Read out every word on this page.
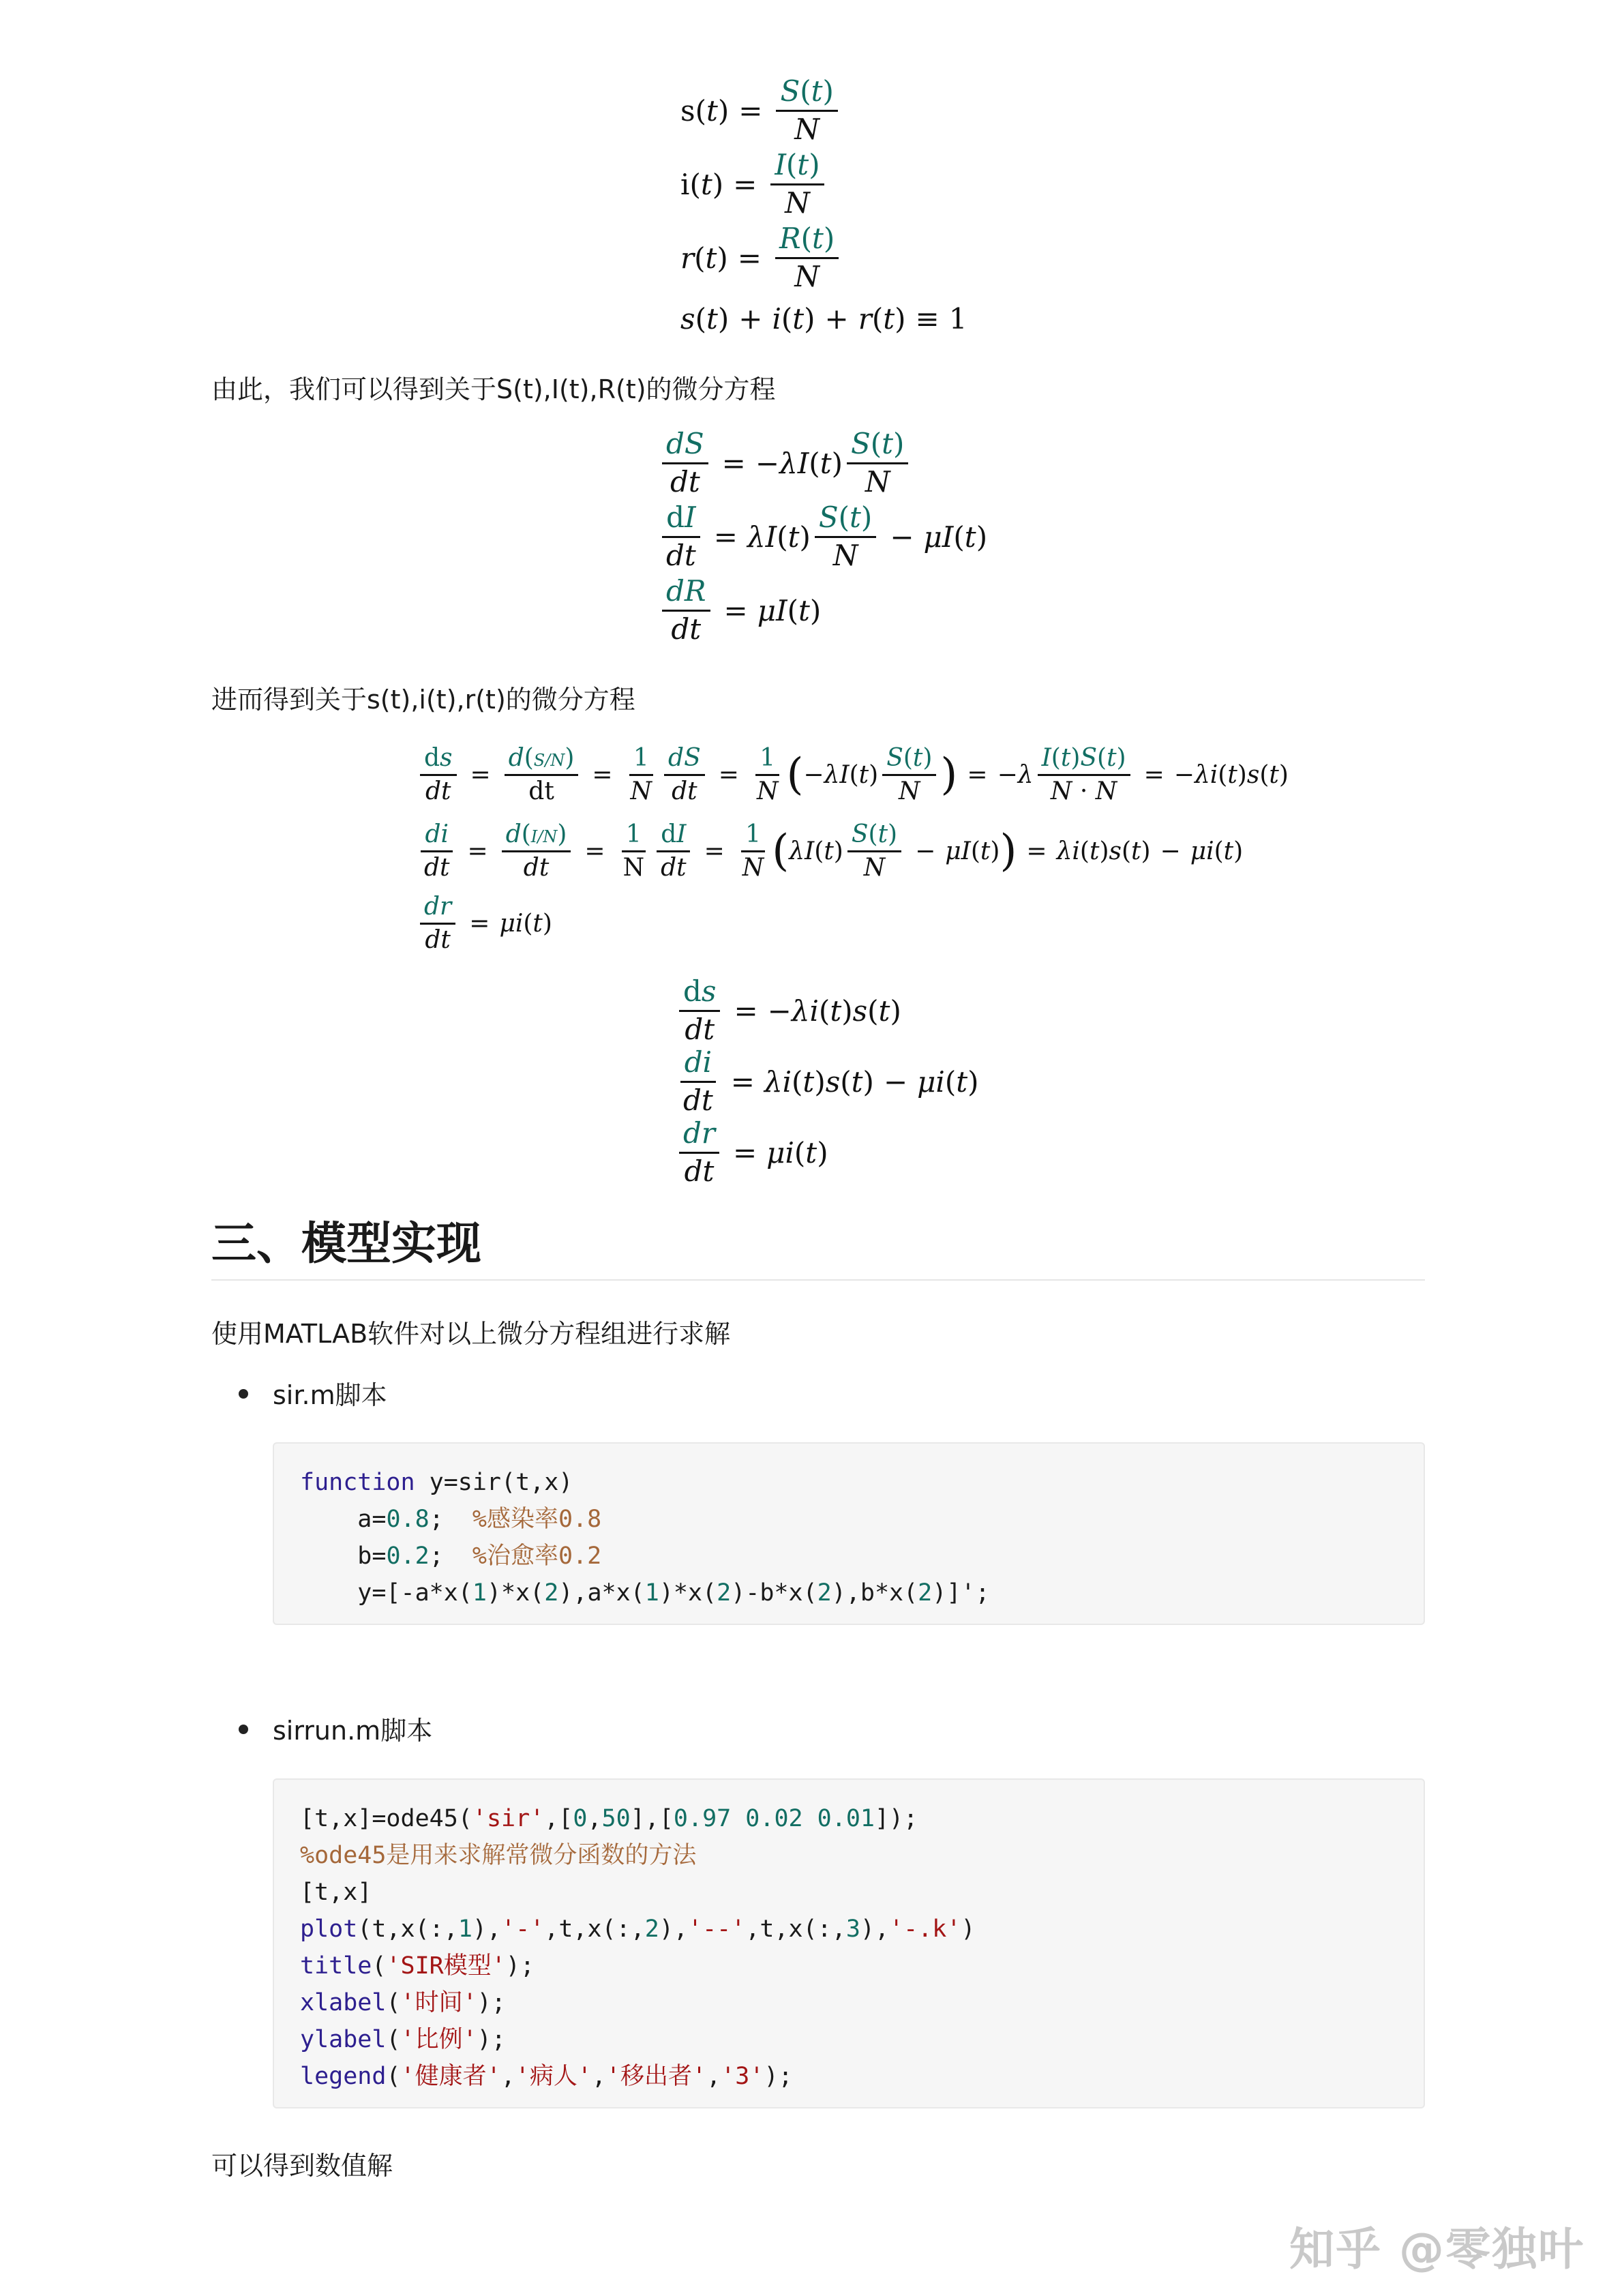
s ( t ) = $\frac{S(t)}{N}$
i ( t ) = $\frac{I(t)}{N}$
r ( t ) = $\frac{R(t)}{N}$
s ( t ) + i ( t ) + r ( t ) ≡ 1
由此，我们可以得到关于S(t),I(t),R(t)的微分方程
$\frac{dS}{dt}$ = − λI ( t ) $\frac{S(t)}{N}$
$\frac{dI}{dt} = \lambda I$ ( t ) $\frac{S(t)}{N} - \mu I$ ( t )
$\frac{dR}{dt} = \mu I$ ( t )
进而得到关于s(t),i(t),r(t)的微分方程
$\frac{ds}{dt} = \frac{d(S/N)}{dt} = \frac{1}{N} \frac{dS}{dt} = \frac{1}{N}$ ( − λI ( t ) $\frac{S(t)}{N}$ ) = − λ $\frac{I(t)S(t)}{N \cdot N}$ = − λi ( t ) s ( t )
$\frac{di}{dt} = \frac{d(I/N)}{dt} = \frac{1}{N} \frac{dI}{dt} = \frac{1}{N}$ ( λI ( t ) $\frac{S(t)}{N} - \mu I$ ( t ) ) = λi ( t ) s ( t ) − μi ( t )
$\frac{dr}{dt} = \mu i$ ( t )
$\frac{ds}{dt}$ = − λi ( t ) s ( t )
$\frac{di}{dt} = \lambda i$ ( t ) s ( t ) − μi ( t )
$\frac{dr}{dt} = \mu i$ ( t )
三、模型实现
使用MATLAB软件对以上微分方程组进行求解
sir.m脚本
function y=sir(t,x)
a=0.8;  %感染率0.8
b=0.2;  %治愈率0.2
y=[-a*x(1)*x(2),a*x(1)*x(2)-b*x(2),b*x(2)]';
sirrun.m脚本
[t,x]=ode45('sir',[0,50],[0.97 0.02 0.01]);
%ode45是用来求解常微分函数的方法
[t,x]
plot(t,x(:,1),'-',t,x(:,2),'--',t,x(:,3),'-.k')
title('SIR模型');
xlabel('时间');
ylabel('比例');
legend('健康者','病人','移出者','3');
可以得到数值解
知乎 @零独叶
